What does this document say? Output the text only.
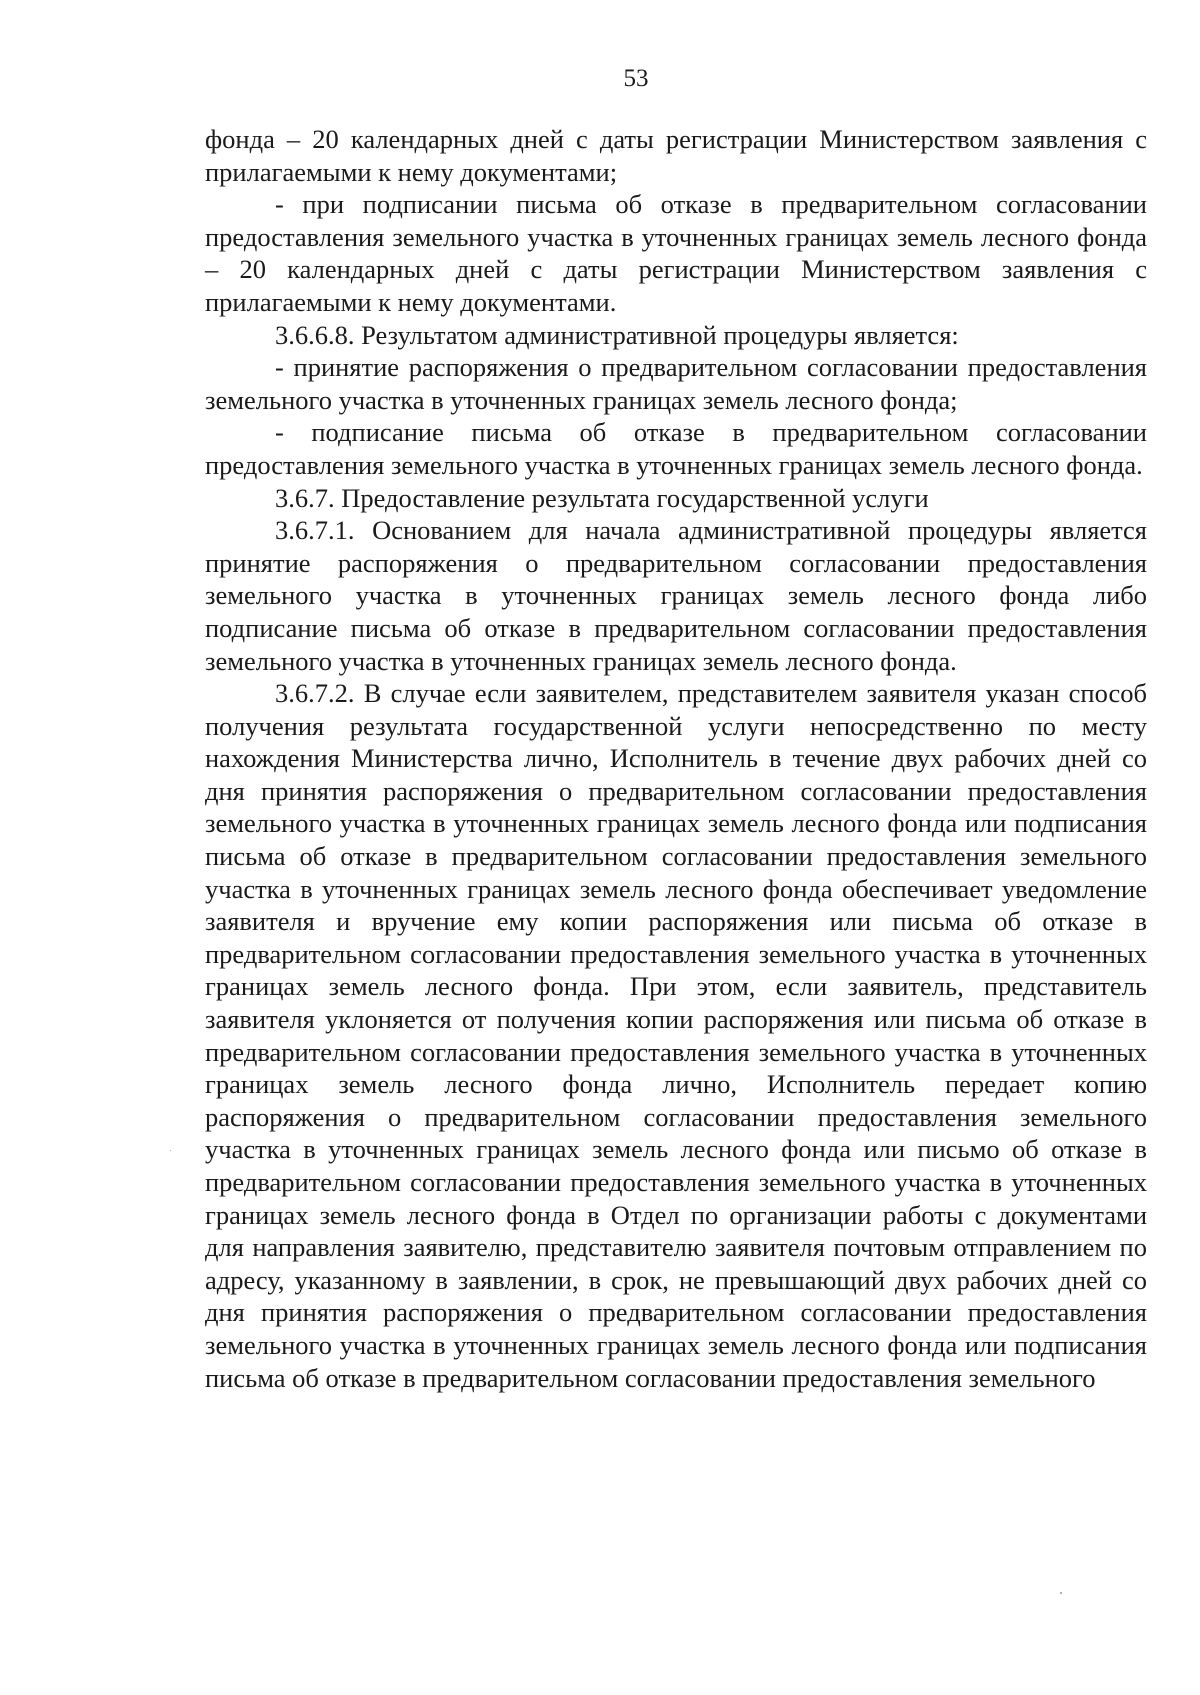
53

фонда – 20 календарных дней с даты регистрации Министерством заявления с прилагаемыми к нему документами;

- при подписании письма об отказе в предварительном согласовании предоставления земельного участка в уточненных границах земель лесного фонда – 20 календарных дней с даты регистрации Министерством заявления с прилагаемыми к нему документами.

3.6.6.8. Результатом административной процедуры является:

- принятие распоряжения о предварительном согласовании предоставления земельного участка в уточненных границах земель лесного фонда;

- подписание письма об отказе в предварительном согласовании предоставления земельного участка в уточненных границах земель лесного фонда.

3.6.7. Предоставление результата государственной услуги

3.6.7.1. Основанием для начала административной процедуры является принятие распоряжения о предварительном согласовании предоставления земельного участка в уточненных границах земель лесного фонда либо подписание письма об отказе в предварительном согласовании предоставления земельного участка в уточненных границах земель лесного фонда.

3.6.7.2. В случае если заявителем, представителем заявителя указан способ получения результата государственной услуги непосредственно по месту нахождения Министерства лично, Исполнитель в течение двух рабочих дней со дня принятия распоряжения о предварительном согласовании предоставления земельного участка в уточненных границах земель лесного фонда или подписания письма об отказе в предварительном согласовании предоставления земельного участка в уточненных границах земель лесного фонда обеспечивает уведомление заявителя и вручение ему копии распоряжения или письма об отказе в предварительном согласовании предоставления земельного участка в уточненных границах земель лесного фонда. При этом, если заявитель, представитель заявителя уклоняется от получения копии распоряжения или письма об отказе в предварительном согласовании предоставления земельного участка в уточненных границах земель лесного фонда лично, Исполнитель передает копию распоряжения о предварительном согласовании предоставления земельного участка в уточненных границах земель лесного фонда или письмо об отказе в предварительном согласовании предоставления земельного участка в уточненных границах земель лесного фонда в Отдел по организации работы с документами для направления заявителю, представителю заявителя почтовым отправлением по адресу, указанному в заявлении, в срок, не превышающий двух рабочих дней со дня принятия распоряжения о предварительном согласовании предоставления земельного участка в уточненных границах земель лесного фонда или подписания письма об отказе в предварительном согласовании предоставления земельного
